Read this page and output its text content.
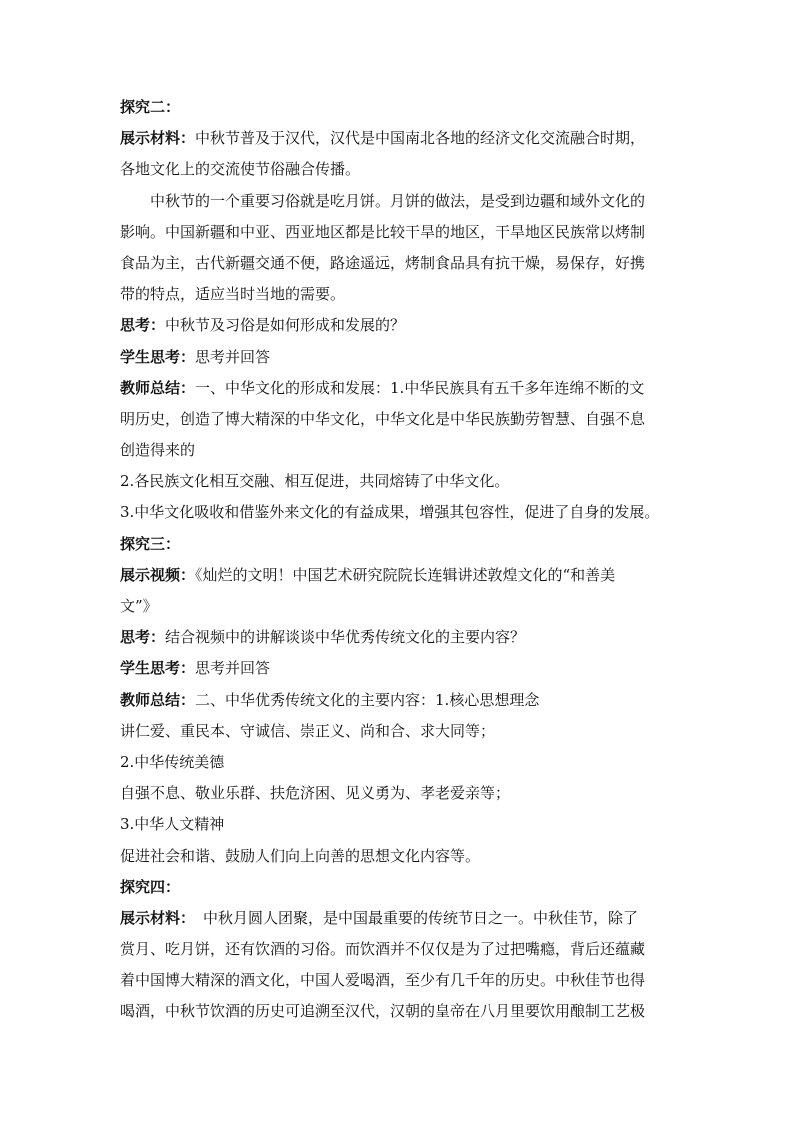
探究二：
展示材料：中秋节普及于汉代，汉代是中国南北各地的经济文化交流融合时期，
各地文化上的交流使节俗融合传播。
中秋节的一个重要习俗就是吃月饼。月饼的做法，是受到边疆和域外文化的
影响。中国新疆和中亚、西亚地区都是比较干旱的地区，干旱地区民族常以烤制
食品为主，古代新疆交通不便，路途遥远，烤制食品具有抗干燥，易保存，好携
带的特点，适应当时当地的需要。
思考：中秋节及习俗是如何形成和发展的？
学生思考：思考并回答
教师总结：一、中华文化的形成和发展：1.中华民族具有五千多年连绵不断的文
明历史，创造了博大精深的中华文化，中华文化是中华民族勤劳智慧、自强不息
创造得来的
2.各民族文化相互交融、相互促进，共同熔铸了中华文化。
3.中华文化吸收和借鉴外来文化的有益成果，增强其包容性，促进了自身的发展。
探究三：
展示视频：《灿烂的文明！中国艺术研究院院长连辑讲述敦煌文化的“和善美
文”》
思考：结合视频中的讲解谈谈中华优秀传统文化的主要内容？
学生思考：思考并回答
教师总结：二、中华优秀传统文化的主要内容：1.核心思想理念
讲仁爱、重民本、守诚信、崇正义、尚和合、求大同等；
2.中华传统美德
自强不息、敬业乐群、扶危济困、见义勇为、孝老爱亲等；
3.中华人文精神
促进社会和谐、鼓励人们向上向善的思想文化内容等。
探究四：
展示材料： 中秋月圆人团聚，是中国最重要的传统节日之一。中秋佳节，除了
赏月、吃月饼，还有饮酒的习俗。而饮酒并不仅仅是为了过把嘴瘾，背后还蕴藏
着中国博大精深的酒文化，中国人爱喝酒，至少有几千年的历史。中秋佳节也得
喝酒，中秋节饮酒的历史可追溯至汉代，汉朝的皇帝在八月里要饮用酿制工艺极
